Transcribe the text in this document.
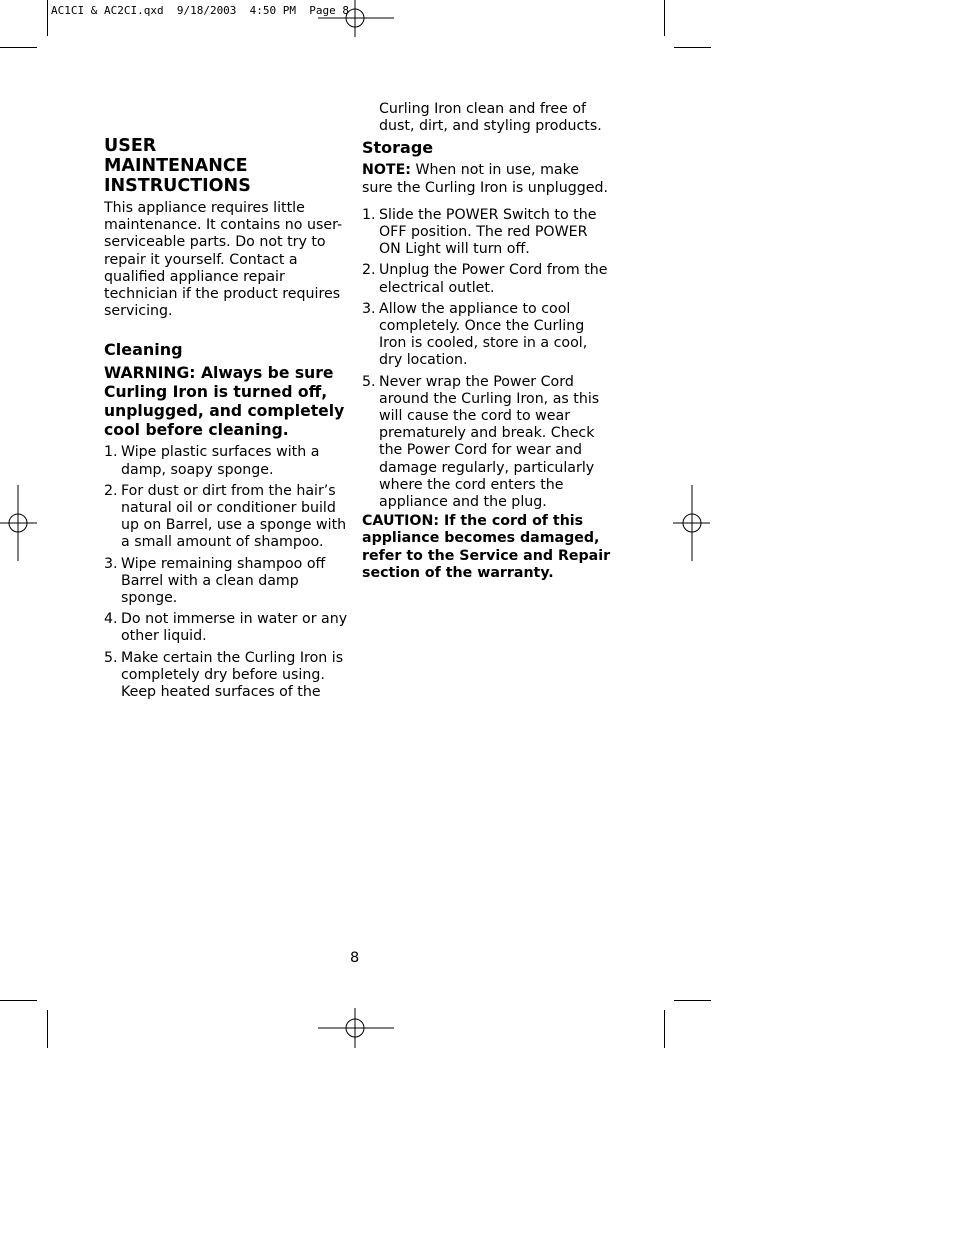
AC1CI & AC2CI.qxd  9/18/2003  4:50 PM  Page 8
USER MAINTENANCE INSTRUCTIONS

This appliance requires little maintenance. It contains no user-serviceable parts. Do not try to repair it yourself. Contact a qualified appliance repair technician if the product requires servicing.

Cleaning

WARNING: Always be sure Curling Iron is turned off, unplugged, and completely cool before cleaning.

1. Wipe plastic surfaces with a damp, soapy sponge.
2. For dust or dirt from the hair’s natural oil or conditioner build up on Barrel, use a sponge with a small amount of shampoo.
3. Wipe remaining shampoo off Barrel with a clean damp sponge.
4. Do not immerse in water or any other liquid.
5. Make certain the Curling Iron is completely dry before using. Keep heated surfaces of the

Curling Iron clean and free of dust, dirt, and styling products.

Storage

NOTE: When not in use, make sure the Curling Iron is unplugged.

1. Slide the POWER Switch to the OFF position. The red POWER ON Light will turn off.
2. Unplug the Power Cord from the electrical outlet.
3. Allow the appliance to cool completely. Once the Curling Iron is cooled, store in a cool, dry location.
5. Never wrap the Power Cord around the Curling Iron, as this will cause the cord to wear prematurely and break. Check the Power Cord for wear and damage regularly, particularly where the cord enters the appliance and the plug.

CAUTION: If the cord of this appliance becomes damaged, refer to the Service and Repair section of the warranty.

8
